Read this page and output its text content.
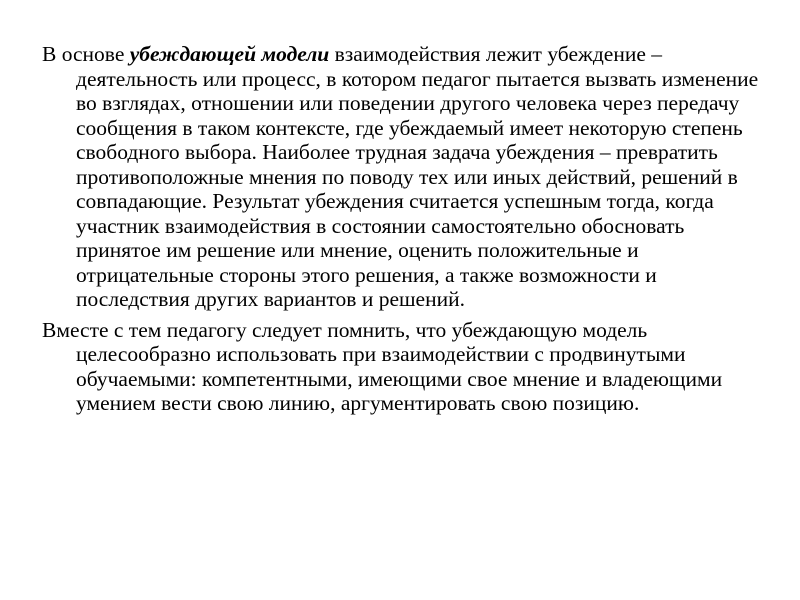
В основе убеждающей модели взаимодействия лежит убеждение – деятельность или процесс, в котором педагог пытается вызвать изменение во взглядах, отношении или поведении другого человека через передачу сообщения в таком контексте, где убеждаемый имеет некоторую степень свободного выбора. Наиболее трудная задача убеждения – превратить противоположные мнения по поводу тех или иных действий, решений в совпадающие. Результат убеждения считается успешным тогда, когда участник взаимодействия в состоянии самостоятельно обосновать принятое им решение или мнение, оценить положительные и отрицательные стороны этого решения, а также возможности и последствия других вариантов и решений.

Вместе с тем педагогу следует помнить, что убеждающую модель целесообразно использовать при взаимодействии с продвинутыми обучаемыми: компетентными, имеющими свое мнение и владеющими умением вести свою линию, аргументировать свою позицию.
